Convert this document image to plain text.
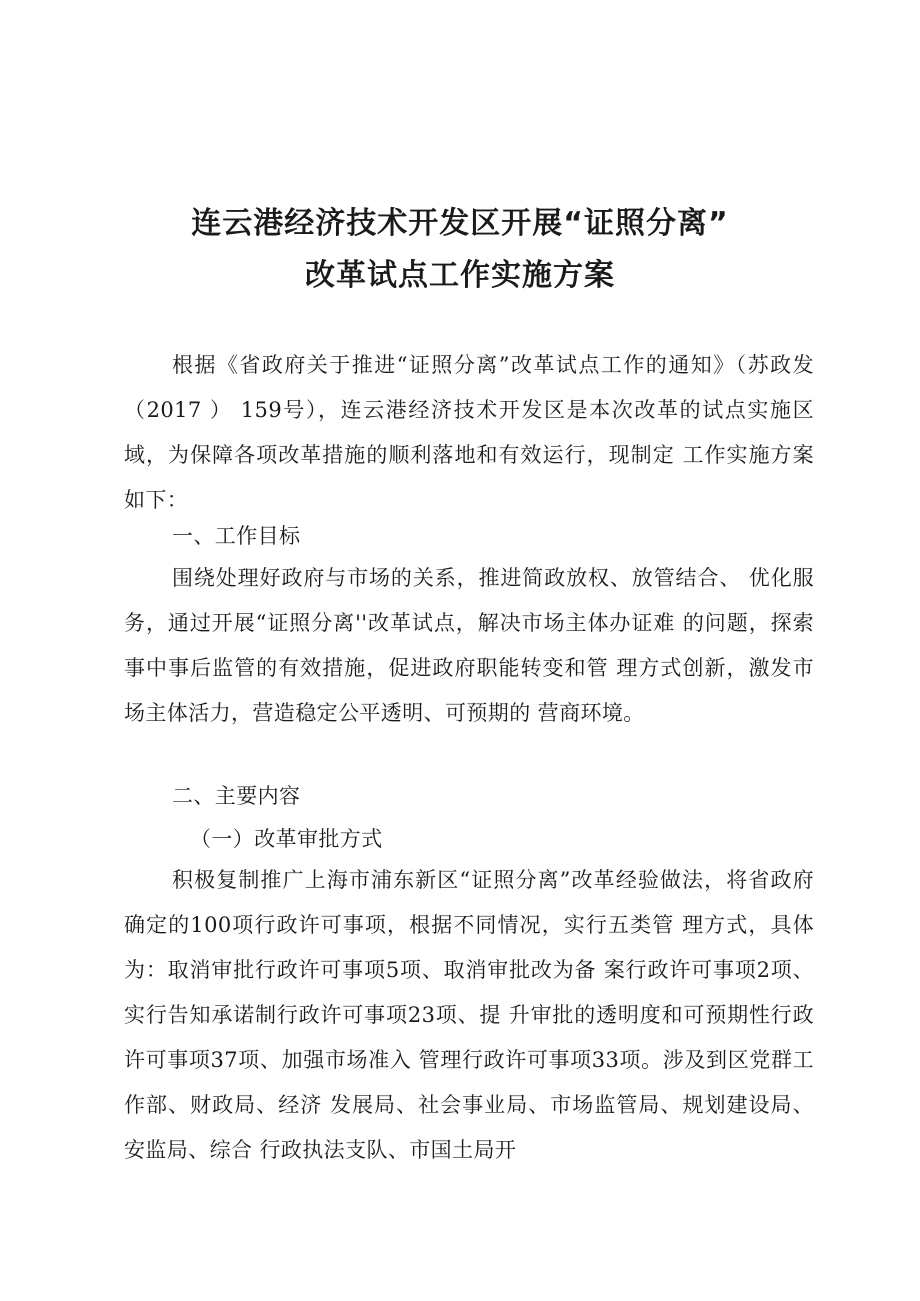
连云港经济技术开发区开展“证照分离”
改革试点工作实施方案
根据《省政府关于推进“证照分离”改革试点工作的通知》（苏政发（2017 ） 159号），连云港经济技术开发区是本次改革的试点实施区域，为保障各项改革措施的顺利落地和有效运行，现制定 工作实施方案如下：
一、工作目标
围绕处理好政府与市场的关系，推进简政放权、放管结合、 优化服务，通过开展“证照分离''改革试点，解决市场主体办证难 的问题，探索事中事后监管的有效措施，促进政府职能转变和管 理方式创新，激发市场主体活力，营造稳定公平透明、可预期的 营商环境。
二、主要内容
（一）改革审批方式
积极复制推广上海市浦东新区“证照分离”改革经验做法，将省政府确定的100项行政许可事项，根据不同情况，实行五类管 理方式，具体为：取消审批行政许可事项5项、取消审批改为备 案行政许可事项2项、实行告知承诺制行政许可事项23项、提 升审批的透明度和可预期性行政许可事项37项、加强市场准入 管理行政许可事项33项。涉及到区党群工作部、财政局、经济 发展局、社会事业局、市场监管局、规划建设局、安监局、综合 行政执法支队、市国土局开
